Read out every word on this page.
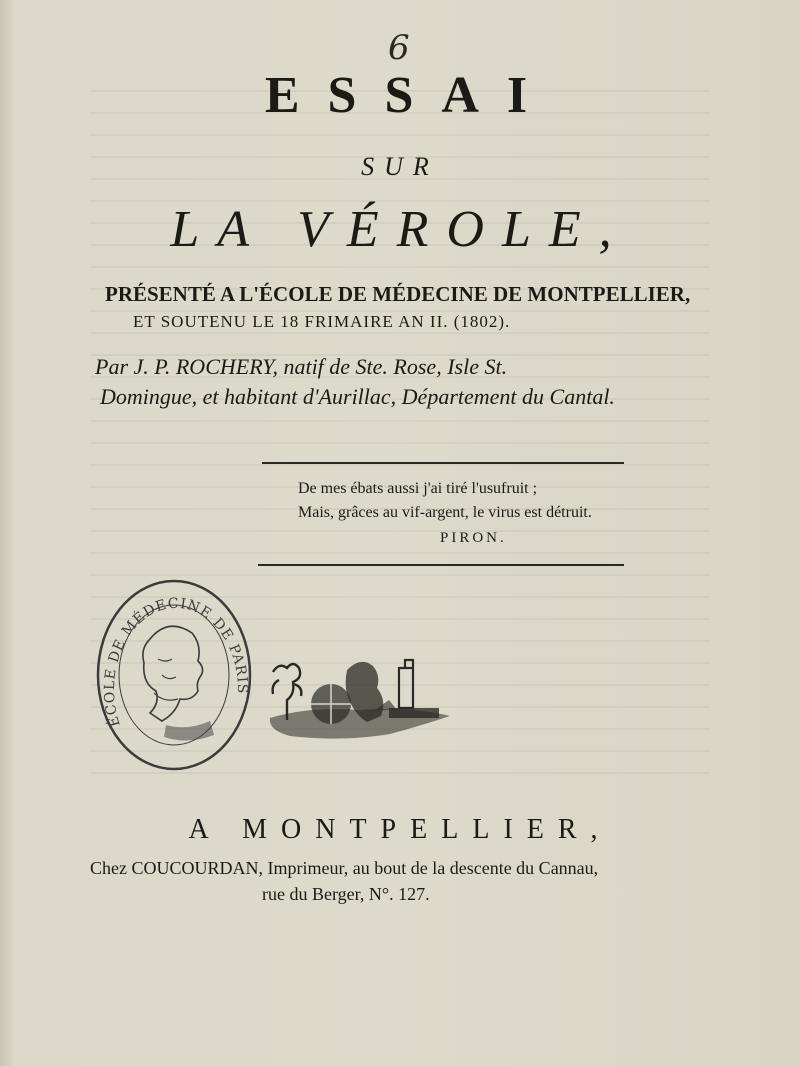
6
ESSAI
SUR
LA VÉROLE,
PRÉSENTÉ A L'ÉCOLE DE MÉDECINE DE MONTPELLIER,
ET SOUTENU LE 18 FRIMAIRE AN II. (1802).
Par J. P. ROCHERY, natif de Ste. Rose, Isle St.
Domingue, et habitant d'Aurillac, Département du Cantal.
De mes ébats aussi j'ai tiré l'usufruit ;
Mais, grâces au vif-argent, le virus est détruit.
PIRON.
ÉCOLE DE MÉDECINE DE PARIS
A MONTPELLIER,
Chez COUCOURDAN, Imprimeur, au bout de la descente du Cannau,
rue du Berger, N°. 127.
